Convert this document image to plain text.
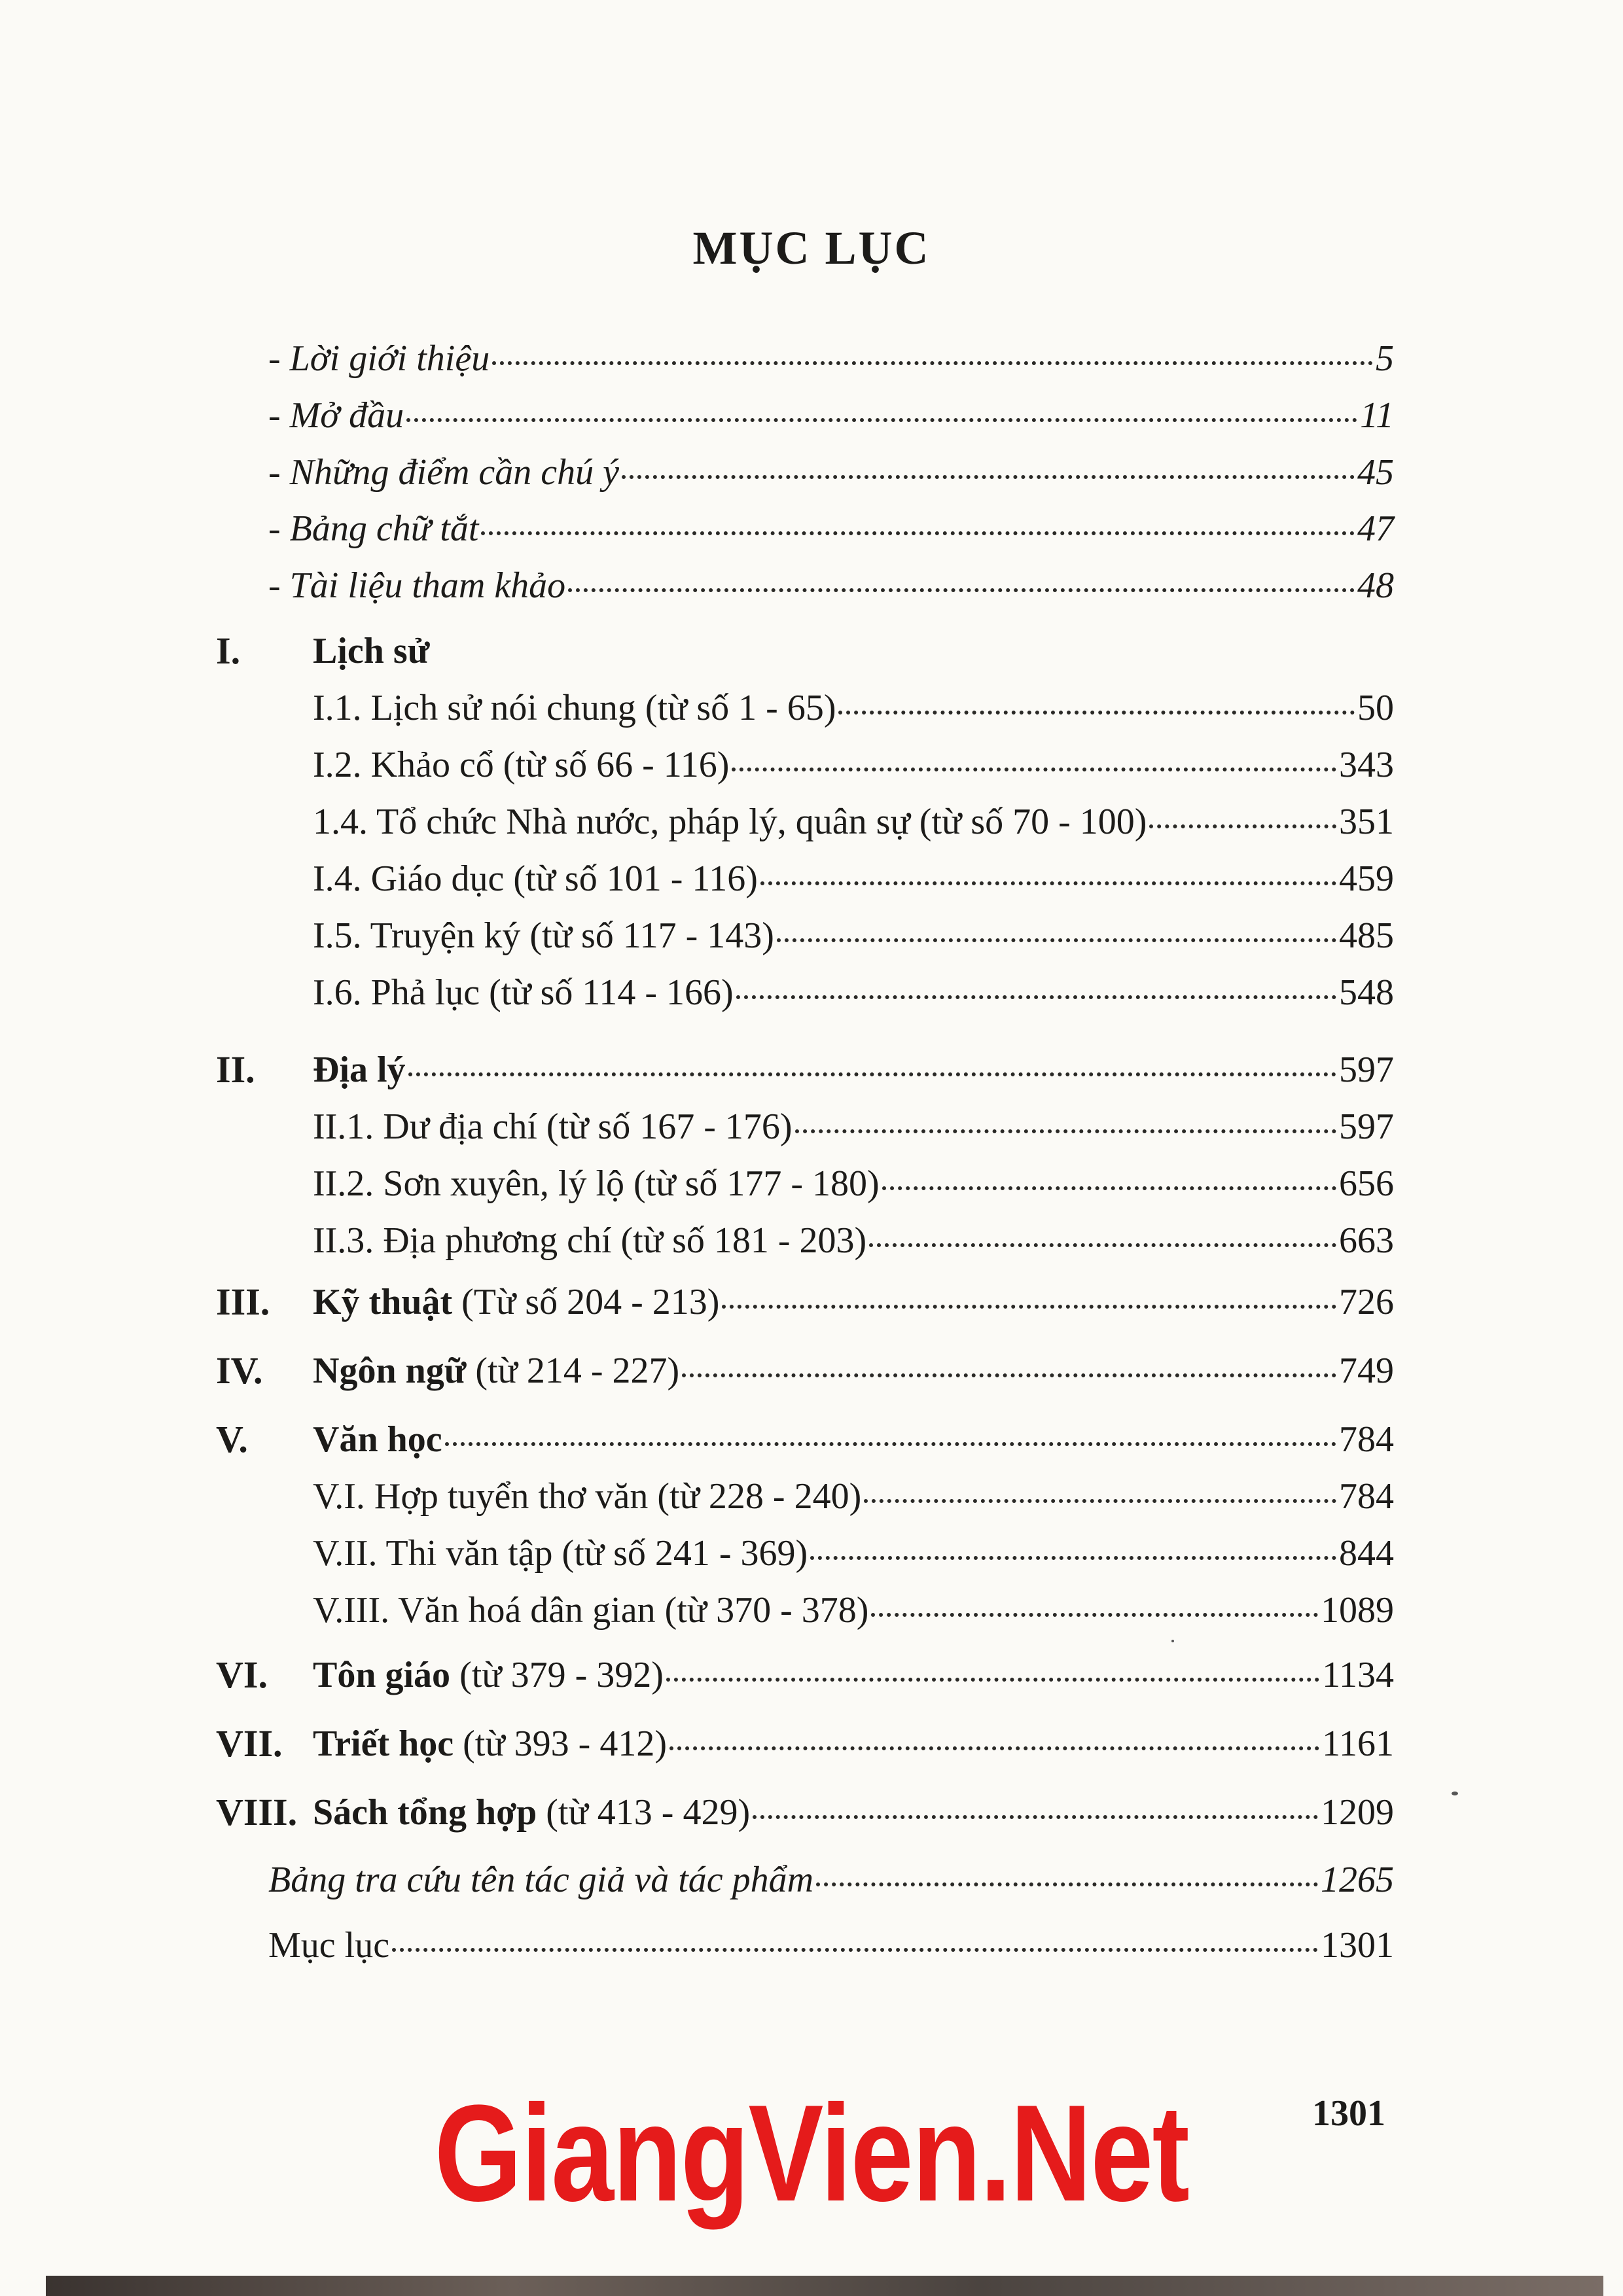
MỤC LỤC
- Lời giới thiệu	5
- Mở đầu	11
- Những điểm cần chú ý	45
- Bảng chữ tắt	47
- Tài liệu tham khảo	48
I. Lịch sử
I.1. Lịch sử nói chung (từ số 1 - 65)	50
I.2. Khảo cổ (từ số 66 - 116)	343
1.4. Tổ chức Nhà nước, pháp lý, quân sự (từ số 70 - 100)	351
I.4. Giáo dục (từ số 101 - 116)	459
I.5. Truyện ký (từ số 117 - 143)	485
I.6. Phả lục (từ số 114 - 166)	548
II. Địa lý	597
II.1. Dư địa chí (từ số 167 - 176)	597
II.2. Sơn xuyên, lý lộ (từ số 177 - 180)	656
II.3. Địa phương chí (từ số 181 - 203)	663
III. Kỹ thuật (Từ số 204 - 213)	726
IV. Ngôn ngữ (từ 214 - 227)	749
V. Văn học	784
V.I. Hợp tuyển thơ văn (từ 228 - 240)	784
V.II. Thi văn tập (từ số 241 - 369)	844
V.III. Văn hoá dân gian (từ 370 - 378)	1089
VI. Tôn giáo (từ 379 - 392)	1134
VII. Triết học (từ 393 - 412)	1161
VIII. Sách tổng hợp (từ 413 - 429)	1209
Bảng tra cứu tên tác giả và tác phẩm	1265
Mục lục	1301
1301
GiangVien.Net
